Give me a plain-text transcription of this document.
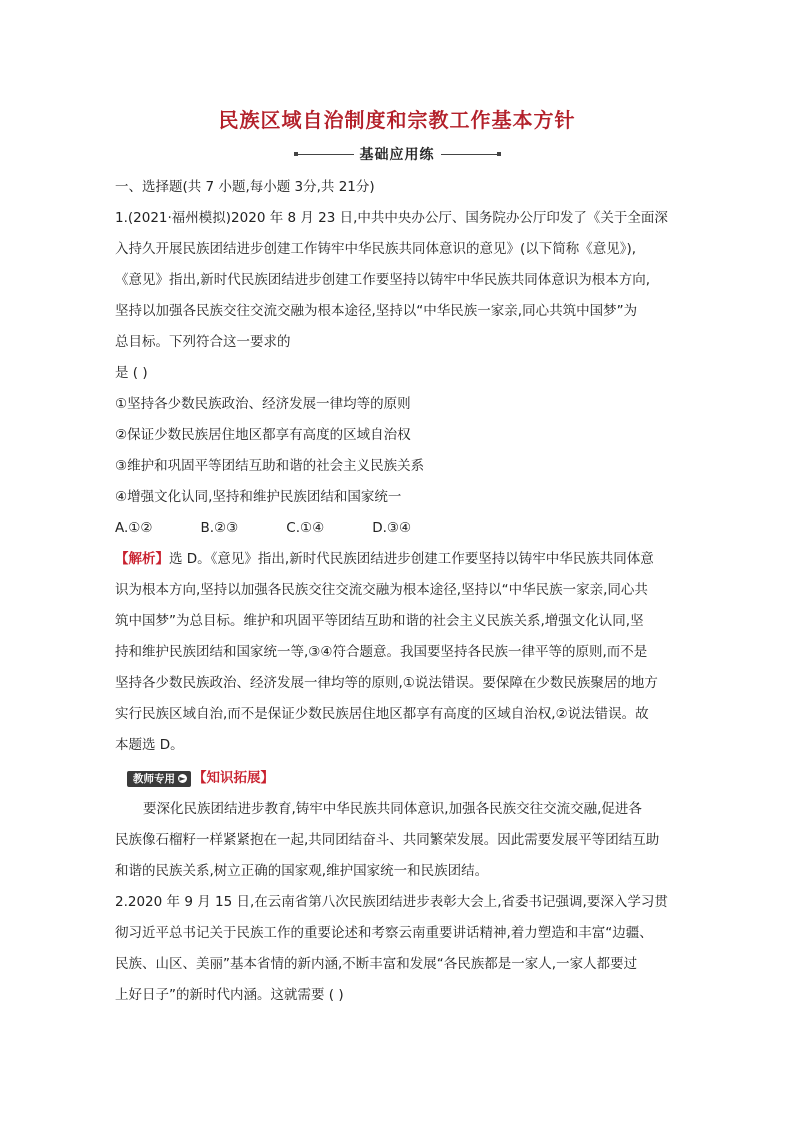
民族区域自治制度和宗教工作基本方针
基础应用练

一、选择题(共 7 小题,每小题 3分,共 21分)

1.(2021·福州模拟)2020 年 8 月 23 日,中共中央办公厅、国务院办公厅印发了《关于全面深

入持久开展民族团结进步创建工作铸牢中华民族共同体意识的意见》(以下简称《意见》),

《意见》指出,新时代民族团结进步创建工作要坚持以铸牢中华民族共同体意识为根本方向,

坚持以加强各民族交往交流交融为根本途径,坚持以“中华民族一家亲,同心共筑中国梦”为

总目标。下列符合这一要求的

是 ( )

①坚持各少数民族政治、经济发展一律均等的原则

②保证少数民族居住地区都享有高度的区域自治权

③维护和巩固平等团结互助和谐的社会主义民族关系

④增强文化认同,坚持和维护民族团结和国家统一

A.①②	B.②③	C.①④	D.③④

【解析】选 D。《意见》指出,新时代民族团结进步创建工作要坚持以铸牢中华民族共同体意

识为根本方向,坚持以加强各民族交往交流交融为根本途径,坚持以“中华民族一家亲,同心共

筑中国梦”为总目标。维护和巩固平等团结互助和谐的社会主义民族关系,增强文化认同,坚

持和维护民族团结和国家统一等,③④符合题意。我国要坚持各民族一律平等的原则,而不是

坚持各少数民族政治、经济发展一律均等的原则,①说法错误。要保障在少数民族聚居的地方

实行民族区域自治,而不是保证少数民族居住地区都享有高度的区域自治权,②说法错误。故

本题选 D。

教师专用 ► 【知识拓展】

要深化民族团结进步教育,铸牢中华民族共同体意识,加强各民族交往交流交融,促进各

民族像石榴籽一样紧紧抱在一起,共同团结奋斗、共同繁荣发展。因此需要发展平等团结互助

和谐的民族关系,树立正确的国家观,维护国家统一和民族团结。

2.2020 年 9 月 15 日,在云南省第八次民族团结进步表彰大会上,省委书记强调,要深入学习贯

彻习近平总书记关于民族工作的重要论述和考察云南重要讲话精神,着力塑造和丰富“边疆、

民族、山区、美丽”基本省情的新内涵,不断丰富和发展“各民族都是一家人,一家人都要过

上好日子”的新时代内涵。这就需要 ( )
